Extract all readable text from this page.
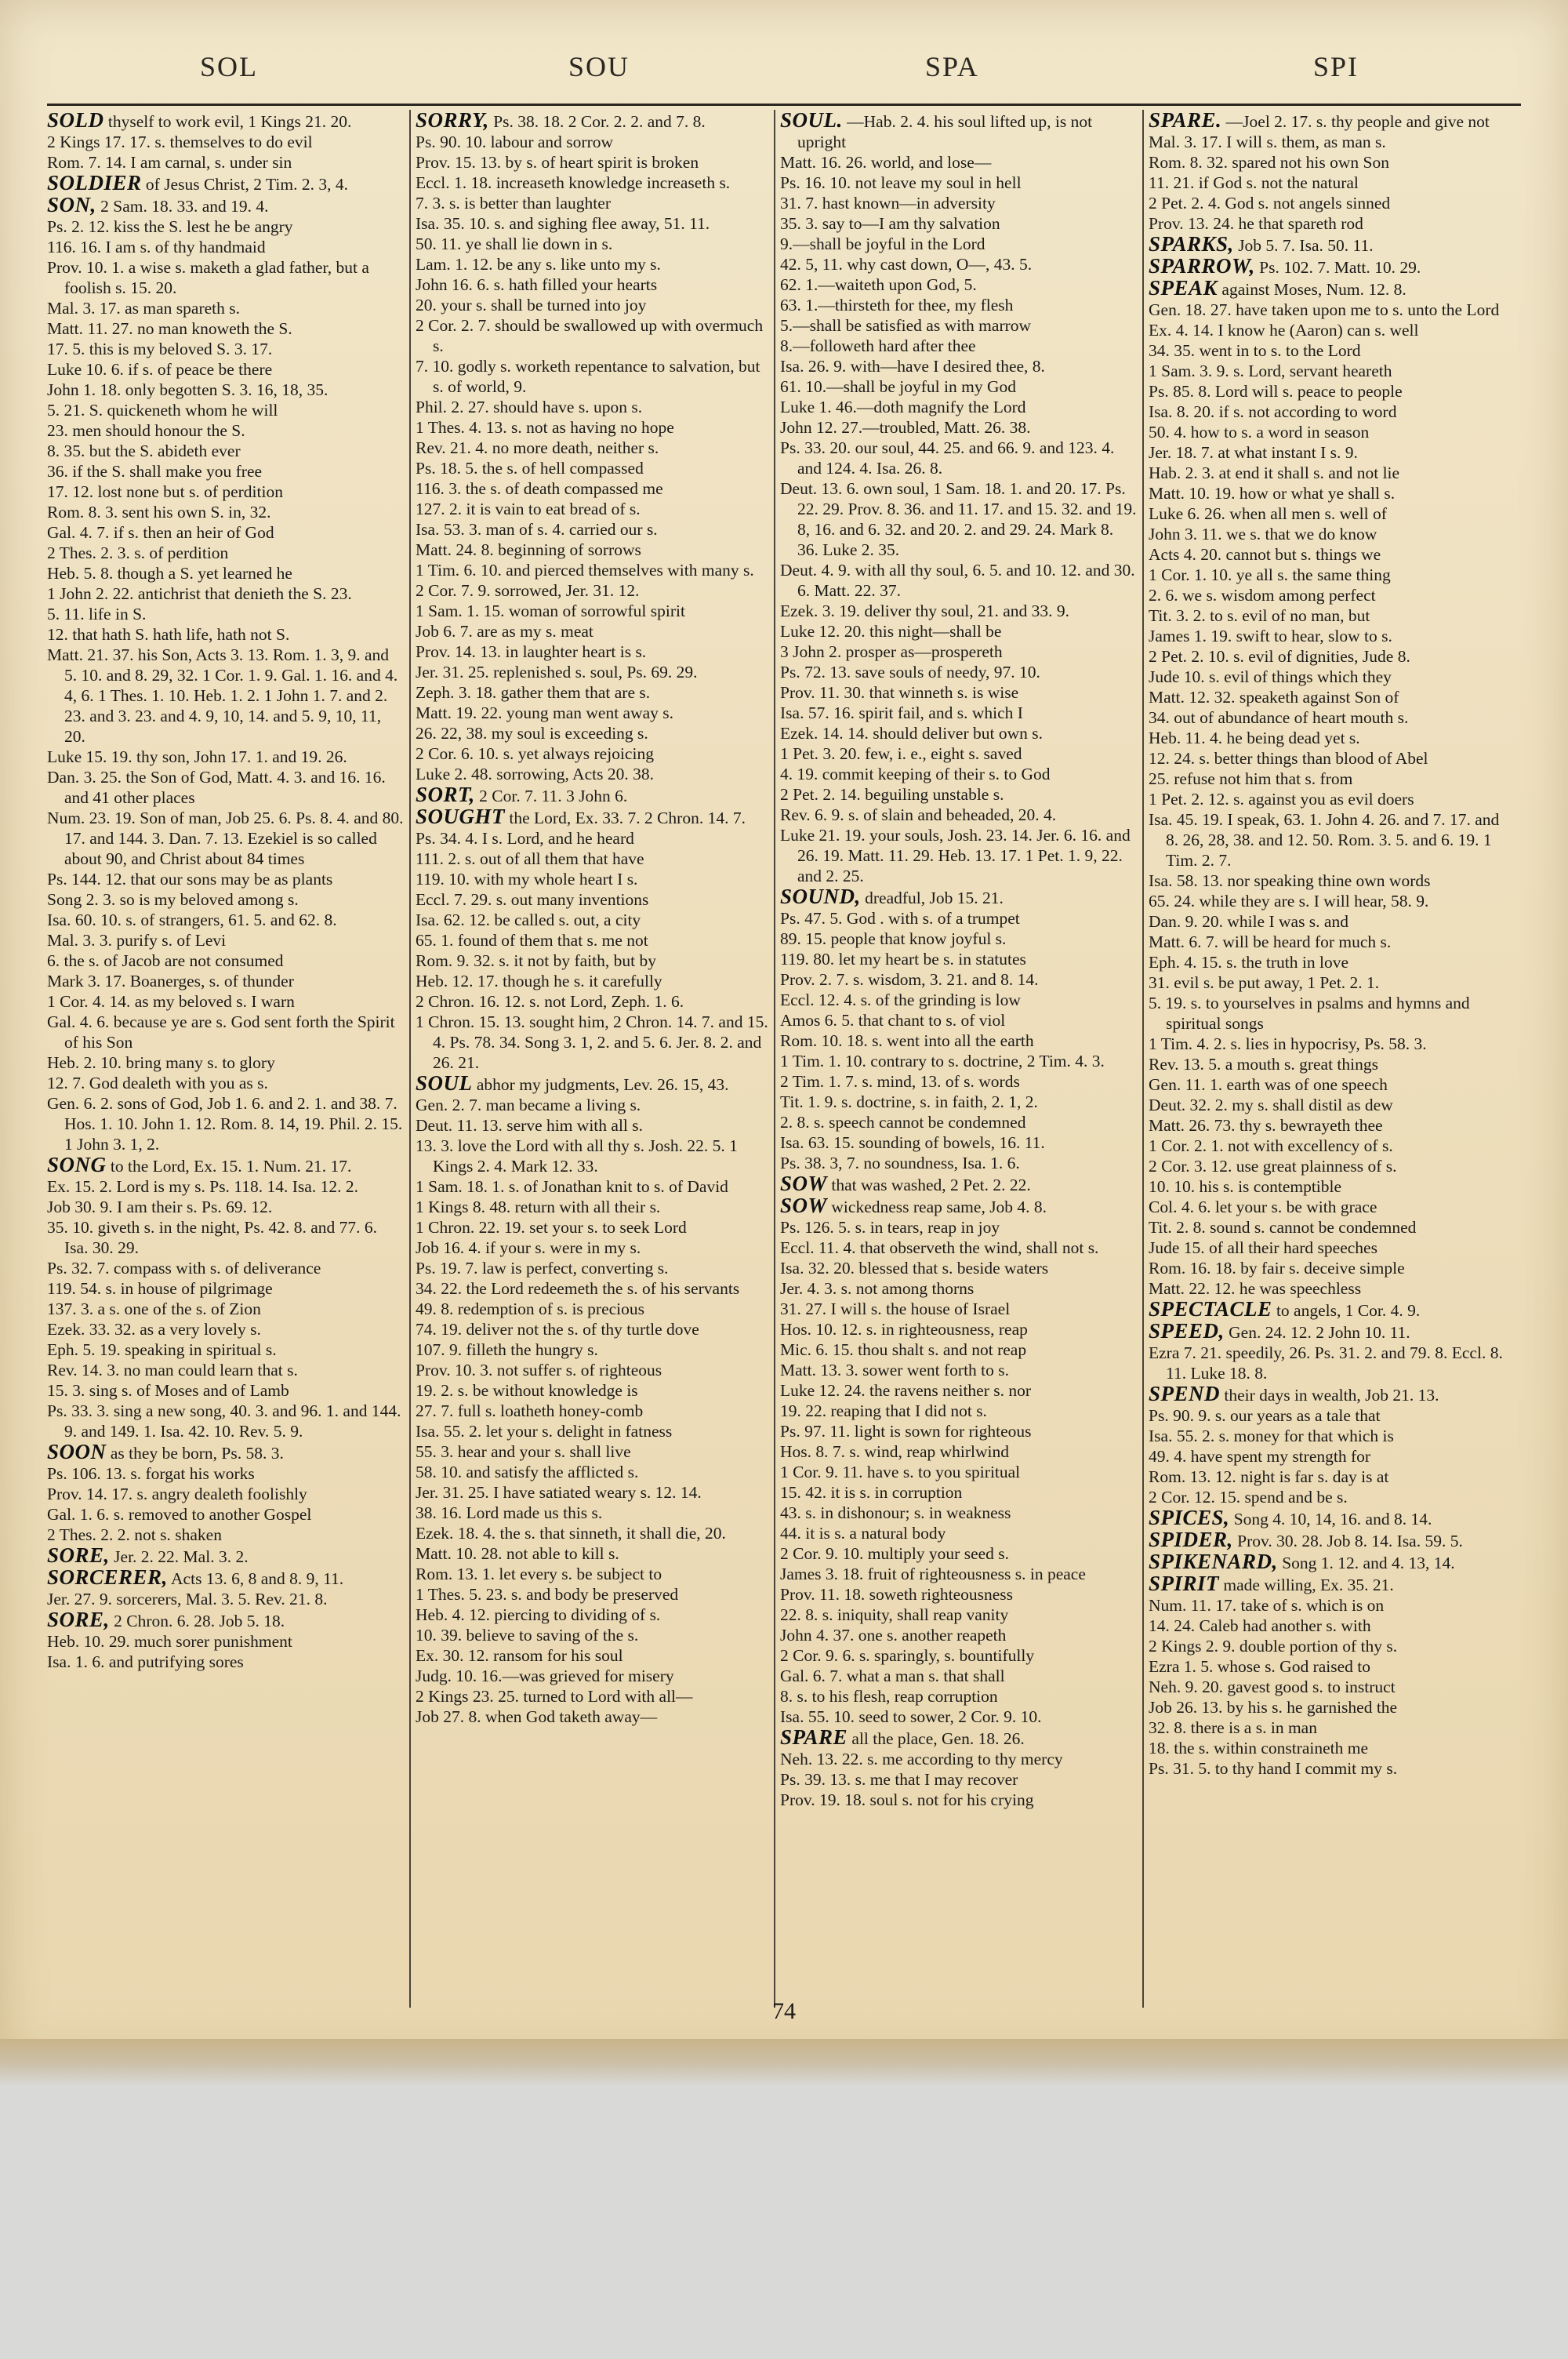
SOL	SOU	SPA	SPI

SOLD thyself to work evil, 1 Kings 21. 20.

2 Kings 17. 17. s. themselves to do evil

Rom. 7. 14. I am carnal, s. under sin

SOLDIER of Jesus Christ, 2 Tim. 2. 3, 4.

SON, 2 Sam. 18. 33. and 19. 4.

Ps. 2. 12. kiss the S. lest he be angry

116. 16. I am s. of thy handmaid

Prov. 10. 1. a wise s. maketh a glad father, but a foolish s. 15. 20.

Mal. 3. 17. as man spareth s.

Matt. 11. 27. no man knoweth the S.

17. 5. this is my beloved S. 3. 17.

Luke 10. 6. if s. of peace be there

John 1. 18. only begotten S. 3. 16, 18, 35.

5. 21. S. quickeneth whom he will

23. men should honour the S.

8. 35. but the S. abideth ever

36. if the S. shall make you free

17. 12. lost none but s. of perdition

Rom. 8. 3. sent his own S. in, 32.

Gal. 4. 7. if s. then an heir of God

2 Thes. 2. 3. s. of perdition

Heb. 5. 8. though a S. yet learned he

1 John 2. 22. antichrist that denieth the S. 23.

5. 11. life in S.

12. that hath S. hath life, hath not S.

Matt. 21. 37. his Son, Acts 3. 13. Rom. 1. 3, 9. and 5. 10. and 8. 29, 32. 1 Cor. 1. 9. Gal. 1. 16. and 4. 4, 6. 1 Thes. 1. 10. Heb. 1. 2. 1 John 1. 7. and 2. 23. and 3. 23. and 4. 9, 10, 14. and 5. 9, 10, 11, 20.

Luke 15. 19. thy son, John 17. 1. and 19. 26.

Dan. 3. 25. the Son of God, Matt. 4. 3. and 16. 16. and 41 other places

Num. 23. 19. Son of man, Job 25. 6. Ps. 8. 4. and 80. 17. and 144. 3. Dan. 7. 13. Ezekiel is so called about 90, and Christ about 84 times

Ps. 144. 12. that our sons may be as plants

Song 2. 3. so is my beloved among s.

Isa. 60. 10. s. of strangers, 61. 5. and 62. 8.

Mal. 3. 3. purify s. of Levi

6. the s. of Jacob are not consumed

Mark 3. 17. Boanerges, s. of thunder

1 Cor. 4. 14. as my beloved s. I warn

Gal. 4. 6. because ye are s. God sent forth the Spirit of his Son

Heb. 2. 10. bring many s. to glory

12. 7. God dealeth with you as s.

Gen. 6. 2. sons of God, Job 1. 6. and 2. 1. and 38. 7. Hos. 1. 10. John 1. 12. Rom. 8. 14, 19. Phil. 2. 15. 1 John 3. 1, 2.

SONG to the Lord, Ex. 15. 1. Num. 21. 17.

Ex. 15. 2. Lord is my s. Ps. 118. 14. Isa. 12. 2.

Job 30. 9. I am their s. Ps. 69. 12.

35. 10. giveth s. in the night, Ps. 42. 8. and 77. 6. Isa. 30. 29.

Ps. 32. 7. compass with s. of deliverance

119. 54. s. in house of pilgrimage

137. 3. a s. one of the s. of Zion

Ezek. 33. 32. as a very lovely s.

Eph. 5. 19. speaking in spiritual s.

Rev. 14. 3. no man could learn that s.

15. 3. sing s. of Moses and of Lamb

Ps. 33. 3. sing a new song, 40. 3. and 96. 1. and 144. 9. and 149. 1. Isa. 42. 10. Rev. 5. 9.

SOON as they be born, Ps. 58. 3.

Ps. 106. 13. s. forgat his works

Prov. 14. 17. s. angry dealeth foolishly

Gal. 1. 6. s. removed to another Gospel

2 Thes. 2. 2. not s. shaken

SORE, Jer. 2. 22. Mal. 3. 2.

SORCERER, Acts 13. 6, 8 and 8. 9, 11.

Jer. 27. 9. sorcerers, Mal. 3. 5. Rev. 21. 8.

SORE, 2 Chron. 6. 28. Job 5. 18.

Heb. 10. 29. much sorer punishment

Isa. 1. 6. and putrifying sores

SORRY, Ps. 38. 18. 2 Cor. 2. 2. and 7. 8.

Ps. 90. 10. labour and sorrow

Prov. 15. 13. by s. of heart spirit is broken

Eccl. 1. 18. increaseth knowledge increaseth s.

7. 3. s. is better than laughter

Isa. 35. 10. s. and sighing flee away, 51. 11.

50. 11. ye shall lie down in s.

Lam. 1. 12. be any s. like unto my s.

John 16. 6. s. hath filled your hearts

20. your s. shall be turned into joy

2 Cor. 2. 7. should be swallowed up with overmuch s.

7. 10. godly s. worketh repentance to salvation, but s. of world, 9.

Phil. 2. 27. should have s. upon s.

1 Thes. 4. 13. s. not as having no hope

Rev. 21. 4. no more death, neither s.

Ps. 18. 5. the s. of hell compassed

116. 3. the s. of death compassed me

127. 2. it is vain to eat bread of s.

Isa. 53. 3. man of s. 4. carried our s.

Matt. 24. 8. beginning of sorrows

1 Tim. 6. 10. and pierced themselves with many s.

2 Cor. 7. 9. sorrowed, Jer. 31. 12.

1 Sam. 1. 15. woman of sorrowful spirit

Job 6. 7. are as my s. meat

Prov. 14. 13. in laughter heart is s.

Jer. 31. 25. replenished s. soul, Ps. 69. 29.

Zeph. 3. 18. gather them that are s.

Matt. 19. 22. young man went away s.

26. 22, 38. my soul is exceeding s.

2 Cor. 6. 10. s. yet always rejoicing

Luke 2. 48. sorrowing, Acts 20. 38.

SORT, 2 Cor. 7. 11. 3 John 6.

SOUGHT the Lord, Ex. 33. 7. 2 Chron. 14. 7.

Ps. 34. 4. I s. Lord, and he heard

111. 2. s. out of all them that have

119. 10. with my whole heart I s.

Eccl. 7. 29. s. out many inventions

Isa. 62. 12. be called s. out, a city

65. 1. found of them that s. me not

Rom. 9. 32. s. it not by faith, but by

Heb. 12. 17. though he s. it carefully

2 Chron. 16. 12. s. not Lord, Zeph. 1. 6.

1 Chron. 15. 13. sought him, 2 Chron. 14. 7. and 15. 4. Ps. 78. 34. Song 3. 1, 2. and 5. 6. Jer. 8. 2. and 26. 21.

SOUL abhor my judgments, Lev. 26. 15, 43.

Gen. 2. 7. man became a living s.

Deut. 11. 13. serve him with all s.

13. 3. love the Lord with all thy s. Josh. 22. 5. 1 Kings 2. 4. Mark 12. 33.

1 Sam. 18. 1. s. of Jonathan knit to s. of David

1 Kings 8. 48. return with all their s.

1 Chron. 22. 19. set your s. to seek Lord

Job 16. 4. if your s. were in my s.

Ps. 19. 7. law is perfect, converting s.

34. 22. the Lord redeemeth the s. of his servants

49. 8. redemption of s. is precious

74. 19. deliver not the s. of thy turtle dove

107. 9. filleth the hungry s.

Prov. 10. 3. not suffer s. of righteous

19. 2. s. be without knowledge is

27. 7. full s. loatheth honey-comb

Isa. 55. 2. let your s. delight in fatness

55. 3. hear and your s. shall live

58. 10. and satisfy the afflicted s.

Jer. 31. 25. I have satiated weary s. 12. 14.

38. 16. Lord made us this s.

Ezek. 18. 4. the s. that sinneth, it shall die, 20.

Matt. 10. 28. not able to kill s.

Rom. 13. 1. let every s. be subject to

1 Thes. 5. 23. s. and body be preserved

Heb. 4. 12. piercing to dividing of s.

10. 39. believe to saving of the s.

Ex. 30. 12. ransom for his soul

Judg. 10. 16.—was grieved for misery

2 Kings 23. 25. turned to Lord with all—

Job 27. 8. when God taketh away—

SOUL. —Hab. 2. 4. his soul lifted up, is not upright

Matt. 16. 26. world, and lose—

Ps. 16. 10. not leave my soul in hell

31. 7. hast known—in adversity

35. 3. say to—I am thy salvation

9.—shall be joyful in the Lord

42. 5, 11. why cast down, O—, 43. 5.

62. 1.—waiteth upon God, 5.

63. 1.—thirsteth for thee, my flesh

5.—shall be satisfied as with marrow

8.—followeth hard after thee

Isa. 26. 9. with—have I desired thee, 8.

61. 10.—shall be joyful in my God

Luke 1. 46.—doth magnify the Lord

John 12. 27.—troubled, Matt. 26. 38.

Ps. 33. 20. our soul, 44. 25. and 66. 9. and 123. 4. and 124. 4. Isa. 26. 8.

Deut. 13. 6. own soul, 1 Sam. 18. 1. and 20. 17. Ps. 22. 29. Prov. 8. 36. and 11. 17. and 15. 32. and 19. 8, 16. and 6. 32. and 20. 2. and 29. 24. Mark 8. 36. Luke 2. 35.

Deut. 4. 9. with all thy soul, 6. 5. and 10. 12. and 30. 6. Matt. 22. 37.

Ezek. 3. 19. deliver thy soul, 21. and 33. 9.

Luke 12. 20. this night—shall be

3 John 2. prosper as—prospereth

Ps. 72. 13. save souls of needy, 97. 10.

Prov. 11. 30. that winneth s. is wise

Isa. 57. 16. spirit fail, and s. which I

Ezek. 14. 14. should deliver but own s.

1 Pet. 3. 20. few, i. e., eight s. saved

4. 19. commit keeping of their s. to God

2 Pet. 2. 14. beguiling unstable s.

Rev. 6. 9. s. of slain and beheaded, 20. 4.

Luke 21. 19. your souls, Josh. 23. 14. Jer. 6. 16. and 26. 19. Matt. 11. 29. Heb. 13. 17. 1 Pet. 1. 9, 22. and 2. 25.

SOUND, dreadful, Job 15. 21.

Ps. 47. 5. God . with s. of a trumpet

89. 15. people that know joyful s.

119. 80. let my heart be s. in statutes

Prov. 2. 7. s. wisdom, 3. 21. and 8. 14.

Eccl. 12. 4. s. of the grinding is low

Amos 6. 5. that chant to s. of viol

Rom. 10. 18. s. went into all the earth

1 Tim. 1. 10. contrary to s. doctrine, 2 Tim. 4. 3.

2 Tim. 1. 7. s. mind, 13. of s. words

Tit. 1. 9. s. doctrine, s. in faith, 2. 1, 2.

2. 8. s. speech cannot be condemned

Isa. 63. 15. sounding of bowels, 16. 11.

Ps. 38. 3, 7. no soundness, Isa. 1. 6.

SOW that was washed, 2 Pet. 2. 22.

SOW wickedness reap same, Job 4. 8.

Ps. 126. 5. s. in tears, reap in joy

Eccl. 11. 4. that observeth the wind, shall not s.

Isa. 32. 20. blessed that s. beside waters

Jer. 4. 3. s. not among thorns

31. 27. I will s. the house of Israel

Hos. 10. 12. s. in righteousness, reap

Mic. 6. 15. thou shalt s. and not reap

Matt. 13. 3. sower went forth to s.

Luke 12. 24. the ravens neither s. nor

19. 22. reaping that I did not s.

Ps. 97. 11. light is sown for righteous

Hos. 8. 7. s. wind, reap whirlwind

1 Cor. 9. 11. have s. to you spiritual

15. 42. it is s. in corruption

43. s. in dishonour; s. in weakness

44. it is s. a natural body

2 Cor. 9. 10. multiply your seed s.

James 3. 18. fruit of righteousness s. in peace

Prov. 11. 18. soweth righteousness

22. 8. s. iniquity, shall reap vanity

John 4. 37. one s. another reapeth

2 Cor. 9. 6. s. sparingly, s. bountifully

Gal. 6. 7. what a man s. that shall

8. s. to his flesh, reap corruption

Isa. 55. 10. seed to sower, 2 Cor. 9. 10.

SPARE all the place, Gen. 18. 26.

Neh. 13. 22. s. me according to thy mercy

Ps. 39. 13. s. me that I may recover

Prov. 19. 18. soul s. not for his crying

SPARE. —Joel 2. 17. s. thy people and give not

Mal. 3. 17. I will s. them, as man s.

Rom. 8. 32. spared not his own Son

11. 21. if God s. not the natural

2 Pet. 2. 4. God s. not angels sinned

Prov. 13. 24. he that spareth rod

SPARKS, Job 5. 7. Isa. 50. 11.

SPARROW, Ps. 102. 7. Matt. 10. 29.

SPEAK against Moses, Num. 12. 8.

Gen. 18. 27. have taken upon me to s. unto the Lord

Ex. 4. 14. I know he (Aaron) can s. well

34. 35. went in to s. to the Lord

1 Sam. 3. 9. s. Lord, servant heareth

Ps. 85. 8. Lord will s. peace to people

Isa. 8. 20. if s. not according to word

50. 4. how to s. a word in season

Jer. 18. 7. at what instant I s. 9.

Hab. 2. 3. at end it shall s. and not lie

Matt. 10. 19. how or what ye shall s.

Luke 6. 26. when all men s. well of

John 3. 11. we s. that we do know

Acts 4. 20. cannot but s. things we

1 Cor. 1. 10. ye all s. the same thing

2. 6. we s. wisdom among perfect

Tit. 3. 2. to s. evil of no man, but

James 1. 19. swift to hear, slow to s.

2 Pet. 2. 10. s. evil of dignities, Jude 8.

Jude 10. s. evil of things which they

Matt. 12. 32. speaketh against Son of

34. out of abundance of heart mouth s.

Heb. 11. 4. he being dead yet s.

12. 24. s. better things than blood of Abel

25. refuse not him that s. from

1 Pet. 2. 12. s. against you as evil doers

Isa. 45. 19. I speak, 63. 1. John 4. 26. and 7. 17. and 8. 26, 28, 38. and 12. 50. Rom. 3. 5. and 6. 19. 1 Tim. 2. 7.

Isa. 58. 13. nor speaking thine own words

65. 24. while they are s. I will hear, 58. 9.

Dan. 9. 20. while I was s. and

Matt. 6. 7. will be heard for much s.

Eph. 4. 15. s. the truth in love

31. evil s. be put away, 1 Pet. 2. 1.

5. 19. s. to yourselves in psalms and hymns and spiritual songs

1 Tim. 4. 2. s. lies in hypocrisy, Ps. 58. 3.

Rev. 13. 5. a mouth s. great things

Gen. 11. 1. earth was of one speech

Deut. 32. 2. my s. shall distil as dew

Matt. 26. 73. thy s. bewrayeth thee

1 Cor. 2. 1. not with excellency of s.

2 Cor. 3. 12. use great plainness of s.

10. 10. his s. is contemptible

Col. 4. 6. let your s. be with grace

Tit. 2. 8. sound s. cannot be condemned

Jude 15. of all their hard speeches

Rom. 16. 18. by fair s. deceive simple

Matt. 22. 12. he was speechless

SPECTACLE to angels, 1 Cor. 4. 9.

SPEED, Gen. 24. 12. 2 John 10. 11.

Ezra 7. 21. speedily, 26. Ps. 31. 2. and 79. 8. Eccl. 8. 11. Luke 18. 8.

SPEND their days in wealth, Job 21. 13.

Ps. 90. 9. s. our years as a tale that

Isa. 55. 2. s. money for that which is

49. 4. have spent my strength for

Rom. 13. 12. night is far s. day is at

2 Cor. 12. 15. spend and be s.

SPICES, Song 4. 10, 14, 16. and 8. 14.

SPIDER, Prov. 30. 28. Job 8. 14. Isa. 59. 5.

SPIKENARD, Song 1. 12. and 4. 13, 14.

SPIRIT made willing, Ex. 35. 21.

Num. 11. 17. take of s. which is on

14. 24. Caleb had another s. with

2 Kings 2. 9. double portion of thy s.

Ezra 1. 5. whose s. God raised to

Neh. 9. 20. gavest good s. to instruct

Job 26. 13. by his s. he garnished the

32. 8. there is a s. in man

18. the s. within constraineth me

Ps. 31. 5. to thy hand I commit my s.

74
